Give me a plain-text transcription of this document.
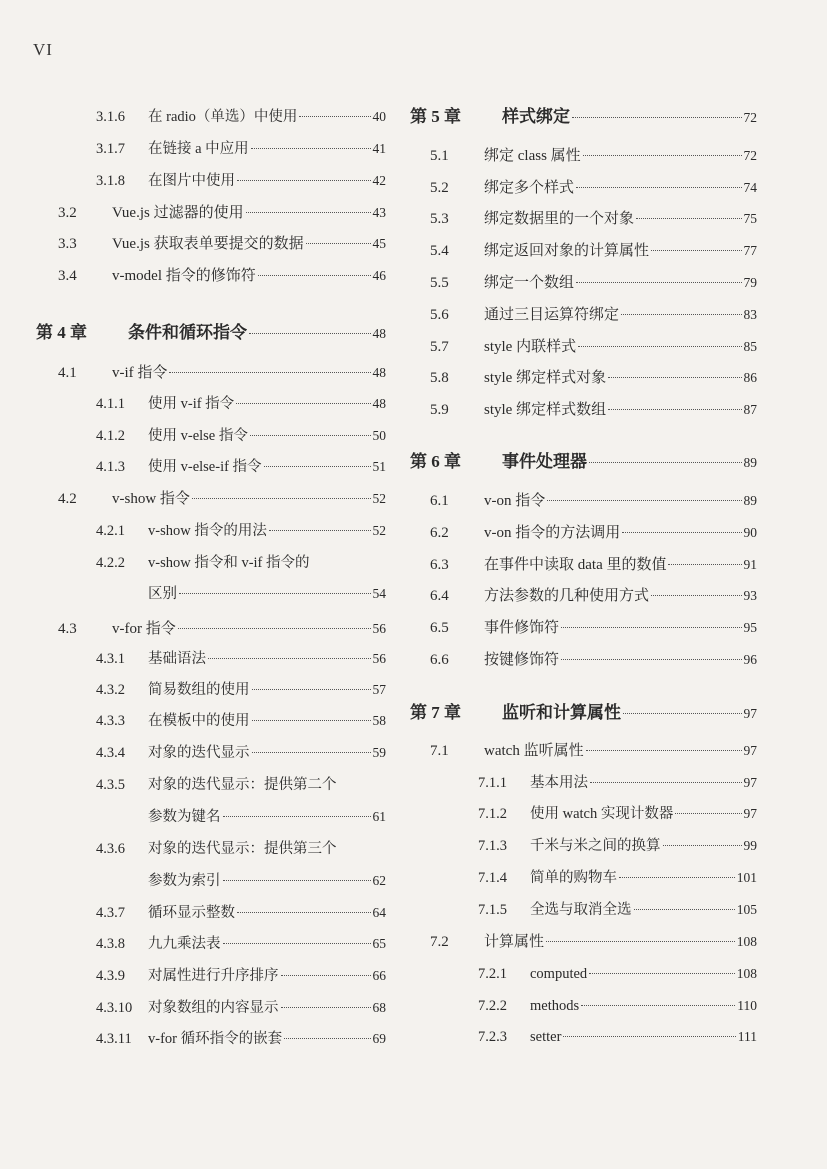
VI
3.1.6	在 radio（单选）中使用	40
3.1.7	在链接 a 中应用	41
3.1.8	在图片中使用	42
3.2	Vue.js 过滤器的使用	43
3.3	Vue.js 获取表单要提交的数据	45
3.4	v-model 指令的修饰符	46
第 4 章	条件和循环指令	48
4.1	v-if 指令	48
4.1.1	使用 v-if 指令	48
4.1.2	使用 v-else 指令	50
4.1.3	使用 v-else-if 指令	51
4.2	v-show 指令	52
4.2.1	v-show 指令的用法	52
4.2.2	v-show 指令和 v-if 指令的
区别	54
4.3	v-for 指令	56
4.3.1	基础语法	56
4.3.2	简易数组的使用	57
4.3.3	在模板中的使用	58
4.3.4	对象的迭代显示	59
4.3.5	对象的迭代显示：提供第二个
参数为键名	61
4.3.6	对象的迭代显示：提供第三个
参数为索引	62
4.3.7	循环显示整数	64
4.3.8	九九乘法表	65
4.3.9	对属性进行升序排序	66
4.3.10	对象数组的内容显示	68
4.3.11	v-for 循环指令的嵌套	69
第 5 章	样式绑定	72
5.1	绑定 class 属性	72
5.2	绑定多个样式	74
5.3	绑定数据里的一个对象	75
5.4	绑定返回对象的计算属性	77
5.5	绑定一个数组	79
5.6	通过三目运算符绑定	83
5.7	style 内联样式	85
5.8	style 绑定样式对象	86
5.9	style 绑定样式数组	87
第 6 章	事件处理器	89
6.1	v-on 指令	89
6.2	v-on 指令的方法调用	90
6.3	在事件中读取 data 里的数值	91
6.4	方法参数的几种使用方式	93
6.5	事件修饰符	95
6.6	按键修饰符	96
第 7 章	监听和计算属性	97
7.1	watch 监听属性	97
7.1.1	基本用法	97
7.1.2	使用 watch 实现计数器	97
7.1.3	千米与米之间的换算	99
7.1.4	简单的购物车	101
7.1.5	全选与取消全选	105
7.2	计算属性	108
7.2.1	computed	108
7.2.2	methods	110
7.2.3	setter	111
